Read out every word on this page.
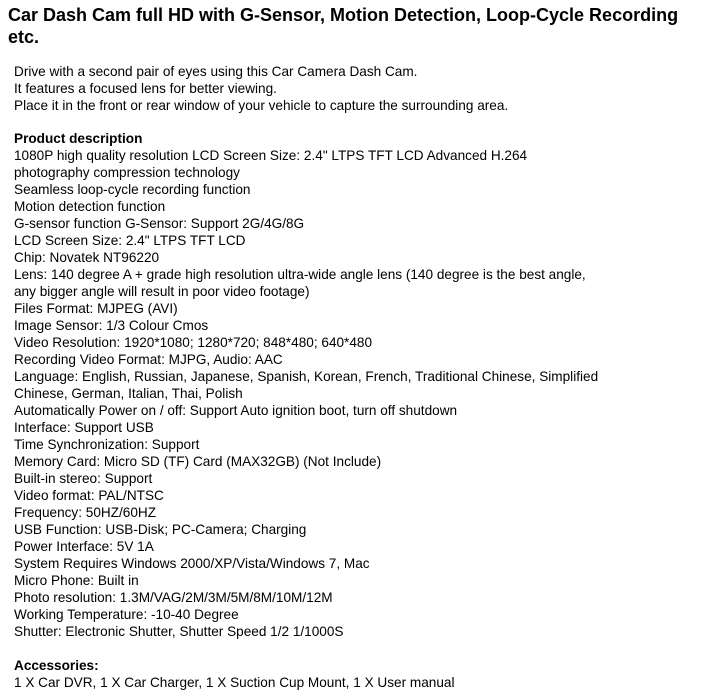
Car Dash Cam full HD with G-Sensor, Motion Detection, Loop-Cycle Recording
etc.
Drive with a second pair of eyes using this Car Camera Dash Cam.
It features a focused lens for better viewing.
Place it in the front or rear window of your vehicle to capture the surrounding area.
Product description
1080P high quality resolution LCD Screen Size: 2.4" LTPS TFT LCD Advanced H.264
photography compression technology
Seamless loop-cycle recording function
Motion detection function
G-sensor function G-Sensor: Support 2G/4G/8G
LCD Screen Size: 2.4" LTPS TFT LCD
Chip: Novatek NT96220
Lens: 140 degree A + grade high resolution ultra-wide angle lens (140 degree is the best angle,
any bigger angle will result in poor video footage)
Files Format: MJPEG (AVI)
Image Sensor: 1/3 Colour Cmos
Video Resolution: 1920*1080; 1280*720; 848*480; 640*480
Recording Video Format: MJPG, Audio: AAC
Language: English, Russian, Japanese, Spanish, Korean, French, Traditional Chinese, Simplified
Chinese, German, Italian, Thai, Polish
Automatically Power on / off: Support Auto ignition boot, turn off shutdown
Interface: Support USB
Time Synchronization: Support
Memory Card: Micro SD (TF) Card (MAX32GB) (Not Include)
Built-in stereo: Support
Video format: PAL/NTSC
Frequency: 50HZ/60HZ
USB Function: USB-Disk; PC-Camera; Charging
Power Interface: 5V 1A
System Requires Windows 2000/XP/Vista/Windows 7, Mac
Micro Phone: Built in
Photo resolution: 1.3M/VAG/2M/3M/5M/8M/10M/12M
Working Temperature: -10-40 Degree
Shutter: Electronic Shutter, Shutter Speed 1/2 1/1000S
Accessories:
1 X Car DVR, 1 X Car Charger, 1 X Suction Cup Mount, 1 X User manual
